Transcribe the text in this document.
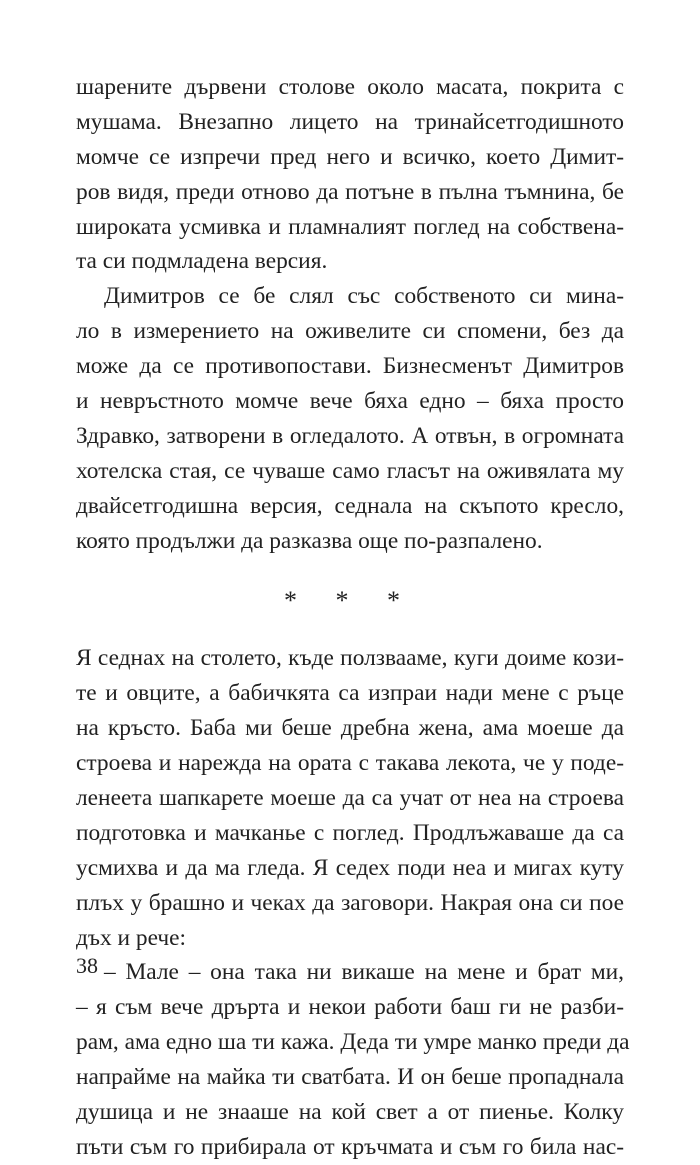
шарените дървени столове около масата, покрита с
мушама. Внезапно лицето на тринайсетгодишното
момче се изпречи пред него и всичко, което Димит-
ров видя, преди отново да потъне в пълна тъмнина, бе
широката усмивка и пламналият поглед на собствена-
та си подмладена версия.
Димитров се бе слял със собственото си мина-
ло в измерението на оживелите си спомени, без да
може да се противопостави. Бизнесменът Димитров
и невръстното момче вече бяха едно – бяха просто
Здравко, затворени в огледалото. А отвън, в огромната
хотелска стая, се чуваше само гласът на оживялата му
двайсетгодишна версия, седнала на скъпото кресло,
която продължи да разказва още по-разпалено.
* * *
Я седнах на столето, къде ползвааме, куги доиме кози-
те и овците, а бабичкята са изпраи нади мене с ръце
на кръсто. Баба ми беше дребна жена, ама моеше да
строева и нарежда на ората с такава лекота, че у поде-
ленеета шапкарете моеше да са учат от неа на строева
подготовка и мачканье с поглед. Продлъжаваше да са
усмихва и да ма гледа. Я седех поди неа и мигах куту
плъх у брашно и чеках да заговори. Накрая она си пое
дъх и рече:
– Мале – она така ни викаше на мене и брат ми,
– я съм вече дрърта и некои работи баш ги не разби-
рам, ама едно ша ти кажа. Деда ти умре манко преди да
напрайме на майка ти сватбата. И он беше пропаднала
душица и не знааше на кой свет а от пиенье. Колку
пъти съм го прибирала от кръчмата и съм го била нас-
38
